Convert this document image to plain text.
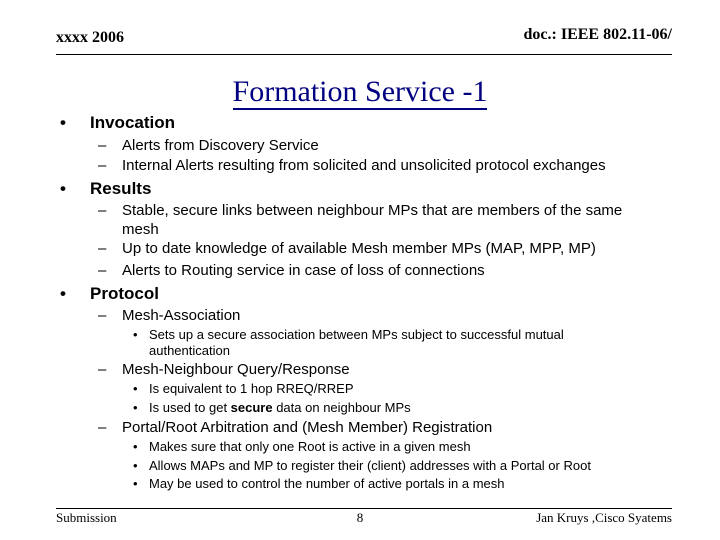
xxxx 2006	doc.: IEEE 802.11-06/
Formation Service -1
• Invocation
– Alerts from Discovery Service
– Internal Alerts resulting from solicited and unsolicited protocol exchanges
• Results
– Stable, secure links between neighbour MPs that are members of the same
mesh
– Up to date knowledge of available Mesh member MPs (MAP, MPP, MP)
– Alerts to Routing service in case of loss of connections
• Protocol
– Mesh-Association
• Sets up a secure association between MPs subject to successful mutual
authentication
– Mesh-Neighbour Query/Response
• Is equivalent to 1 hop RREQ/RREP
• Is used to get secure data on neighbour MPs
– Portal/Root Arbitration and (Mesh Member) Registration
• Makes sure that only one Root is active in a given mesh
• Allows MAPs and MP to register their (client) addresses with a Portal or Root
• May be used to control the number of active portals in a mesh
Submission	8	Jan Kruys ,Cisco Syatems
